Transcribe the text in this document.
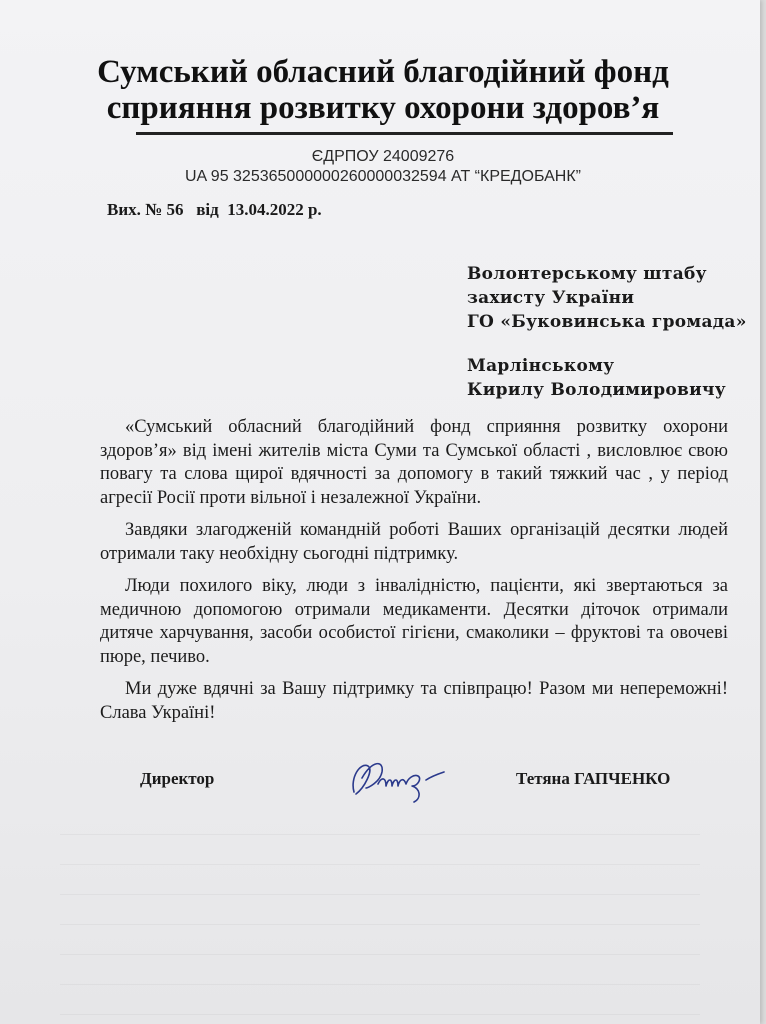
Сумський обласний благодійний фонд
сприяння розвитку охорони здоров’я
ЄДРПОУ 24009276
UA 95 325365000000260000032594 АТ “КРЕДОБАНК”
Вих. № 56 від  13.04.2022 р.
Волонтерському штабу
захисту України
ГО «Буковинська громада»
Марлінському
Кирилу Володимировичу
«Сумський обласний благодійний фонд сприяння розвитку охорони здоров’я» від імені жителів міста Суми та Сумської області , висловлює свою повагу та слова щирої вдячності за допомогу в такий тяжкий час , у період агресії Росії проти вільної і незалежної України.
Завдяки злагодженій командній роботі Ваших організацій десятки людей отримали таку необхідну сьогодні підтримку.
Люди похилого віку, люди з інвалідністю, пацієнти, які звертаються за медичною допомогою отримали медикаменти. Десятки діточок отримали дитяче харчування, засоби особистої гігієни, смаколики – фруктові та овочеві пюре, печиво.
Ми дуже вдячні за Вашу підтримку та співпрацю! Разом ми непереможні! Слава Україні!
Директор	Тетяна ГАПЧЕНКО
